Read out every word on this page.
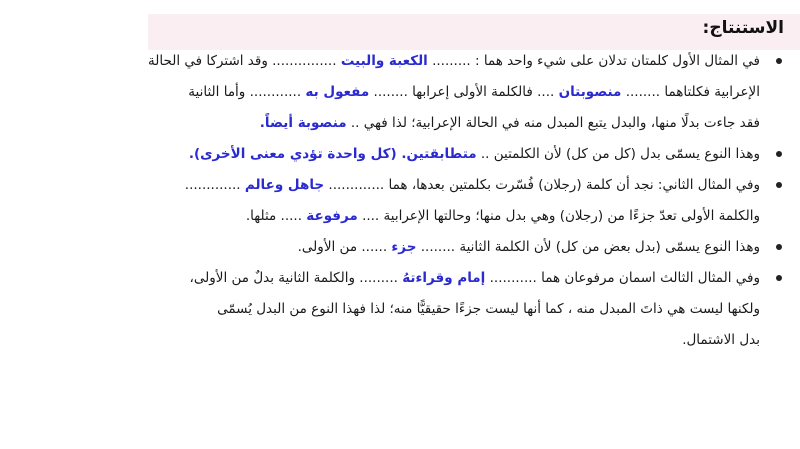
الاستنتاج:
في المثال الأول كلمتان تدلان على شيء واحد هما : ......... الكعبة والبيت ............... وقد اشتركا في الحالة
الإعرابية فكلتاهما ........ منصوبتان .... فالكلمة الأولى إعرابها ........ مفعول به ............ وأما الثانية
فقد جاءت بدلًا منها، والبدل يتبع المبدل منه في الحالة الإعرابية؛ لذا فهي .. منصوبة أيضاً.
وهذا النوع يسمّى بدل (كل من كل) لأن الكلمتين .. متطابقتين. (كل واحدة تؤدي معنى الأخرى).
وفي المثال الثاني: نجد أن كلمة (رجلان) فُسّرت بكلمتين بعدها، هما ............. جاهل وعالم .............
والكلمة الأولى تعدّ جزءًا من (رجلان) وهي بدل منها؛ وحالتها الإعرابية .... مرفوعة ..... مثلها.
وهذا النوع يسمّى (بدل بعض من كل) لأن الكلمة الثانية ........ جزء ...... من الأولى.
وفي المثال الثالث اسمان مرفوعان هما ........... إمام وقراءتهُ ......... والكلمة الثانية بدلٌ من الأولى،
ولكنها ليست هي ذاتَ المبدل منه ، كما أنها ليست جزءًا حقيقيًّا منه؛ لذا فهذا النوع من البدل يُسمّى
بدل الاشتمال.
